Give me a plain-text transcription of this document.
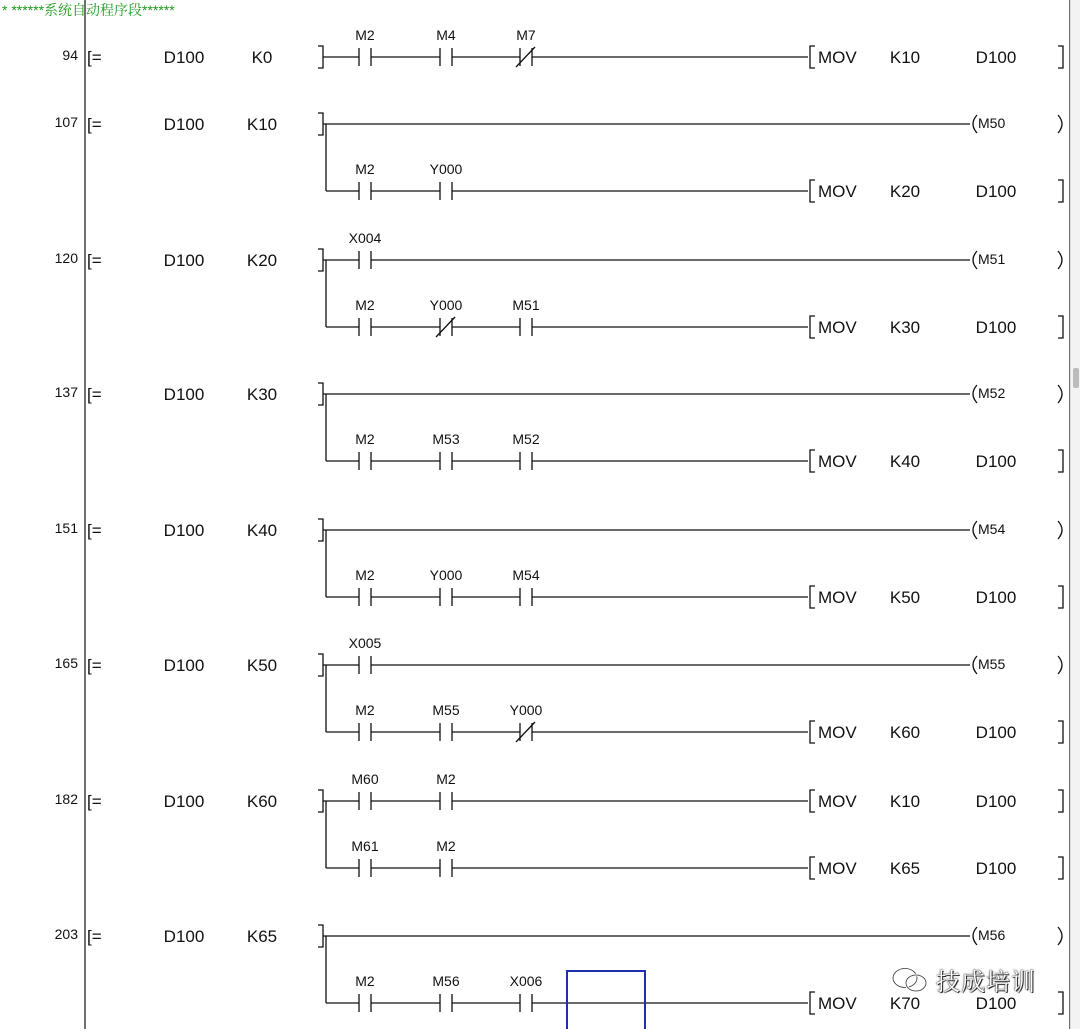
* ******系统自动程序段******
94 [=	D100	K0
M2	M4	M7
MOV K10	D100
107 [=	D100	K10	M50
M2	Y000
MOV K20	D100
120 [=	D100	K20
X004
M51
M2	Y000	M51
MOV K30	D100
137 [=	D100	K30	M52
M2	M53	M52
MOV K40	D100
151 [=	D100	K40	M54
M2	Y000	M54
MOV K50	D100
165 [=	D100	K50
X005
M55
M2	M55	Y000
MOV K60	D100
182 [=	D100	K60
M60	M2
MOV K10	D100
M61	M2
MOV K65	D100
203 [=	D100	K65	M56
M2	M56	X006
MOV K70	D100
技成培训
